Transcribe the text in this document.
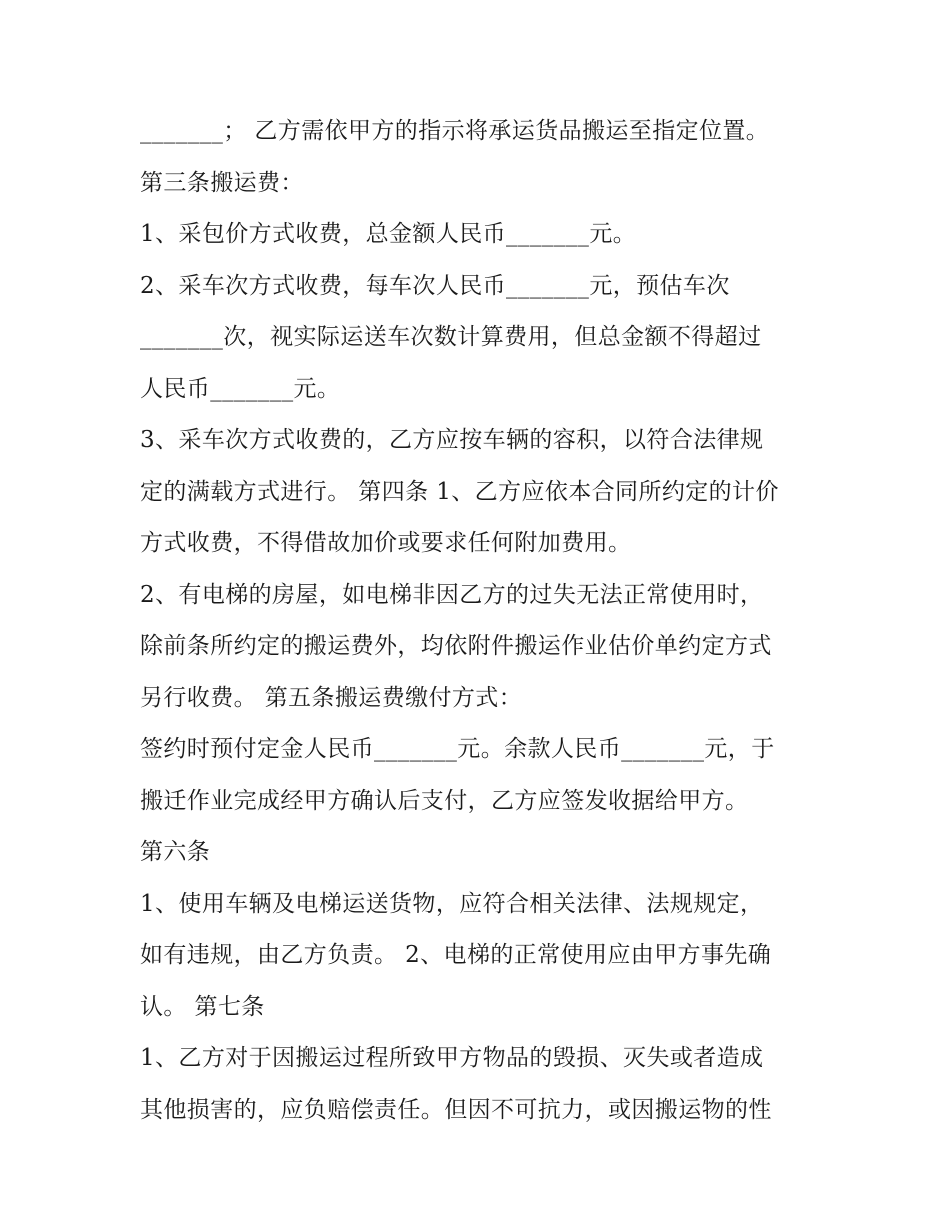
_______； 乙方需依甲方的指示将承运货品搬运至指定位置。
第三条搬运费：
1、采包价方式收费，总金额人民币_______元。
2、采车次方式收费，每车次人民币_______元，预估车次
_______次，视实际运送车次数计算费用，但总金额不得超过
人民币_______元。
3、采车次方式收费的，乙方应按车辆的容积，以符合法律规
定的满载方式进行。 第四条 1、乙方应依本合同所约定的计价
方式收费，不得借故加价或要求任何附加费用。
2、有电梯的房屋，如电梯非因乙方的过失无法正常使用时，
除前条所约定的搬运费外，均依附件搬运作业估价单约定方式
另行收费。 第五条搬运费缴付方式：
签约时预付定金人民币_______元。余款人民币_______元，于
搬迁作业完成经甲方确认后支付，乙方应签发收据给甲方。
第六条
1、使用车辆及电梯运送货物，应符合相关法律、法规规定，
如有违规，由乙方负责。 2、电梯的正常使用应由甲方事先确
认。 第七条
1、乙方对于因搬运过程所致甲方物品的毁损、灭失或者造成
其他损害的，应负赔偿责任。但因不可抗力，或因搬运物的性
